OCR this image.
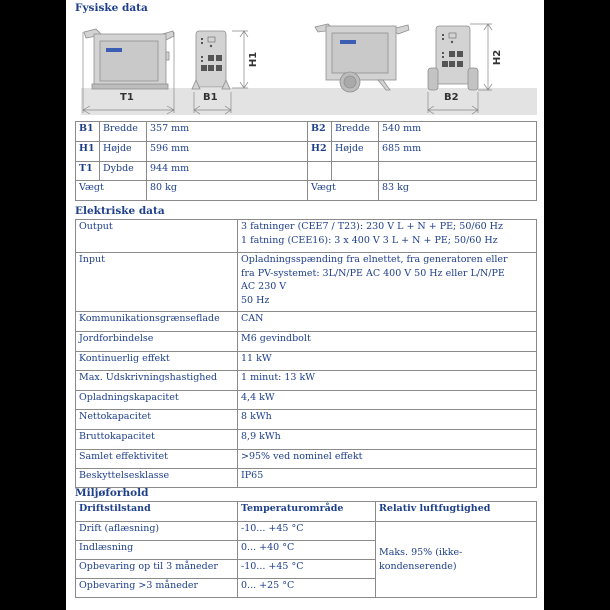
Fysiske data
T1	B1
H1	H2
B2
B1	Bredde	357 mm	B2	Bredde	540 mm
H1	Højde	596 mm	H2	Højde	685 mm
T1	Dybde	944 mm			
Vægt		80 kg	Vægt		83 kg
Elektriske data
Output	3 fatninger (CEE7 / T23): 230 V L + N + PE; 50/60 Hz
1 fatning (CEE16): 3 x 400 V 3 L + N + PE; 50/60 Hz

Input	Opladningsspænding fra elnettet, fra generatoren eller
fra PV-systemet: 3L/N/PE AC 400 V 50 Hz eller L/N/PE
AC 230 V
50 Hz

Kommunikationsgrænseflade	CAN
Jordforbindelse	M6 gevindbolt
Kontinuerlig effekt	11 kW
Max. Udskrivningshastighed	1 minut: 13 kW
Opladningskapacitet	4,4 kW
Nettokapacitet	8 kWh
Bruttokapacitet	8,9 kWh
Samlet effektivitet	>95% ved nominel effekt
Beskyttelsesklasse	IP65
Miljøforhold
Driftstilstand	Temperaturområde	Relativ luftfugtighed
Drift (aflæsning)	-10... +45 °C	Maks. 95% (ikke-
kondenserende)

Indlæsning	0... +40 °C	
Opbevaring op til 3 måneder	-10... +45 °C	
Opbevaring >3 måneder	0... +25 °C	
